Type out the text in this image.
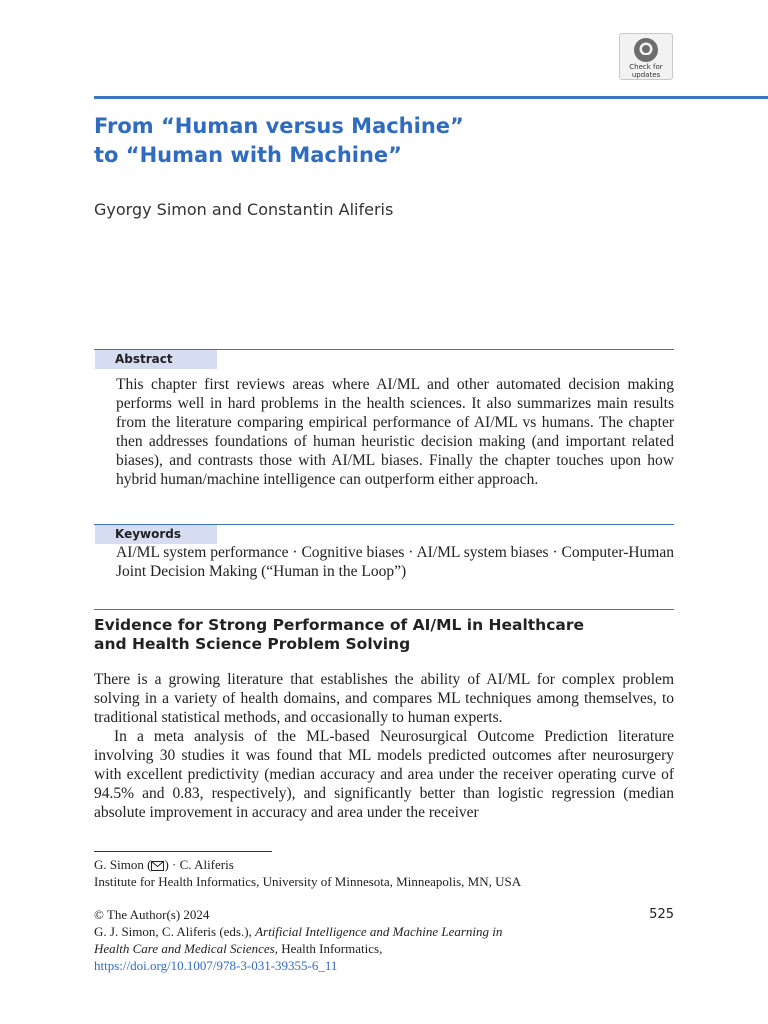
Check for
updates
From “Human versus Machine”
to “Human with Machine”
Gyorgy Simon and Constantin Aliferis
Abstract
This chapter first reviews areas where AI/ML and other automated decision making performs well in hard problems in the health sciences. It also summarizes main results from the literature comparing empirical performance of AI/ML vs humans. The chapter then addresses foundations of human heuristic decision making (and important related biases), and contrasts those with AI/ML biases. Finally the chapter touches upon how hybrid human/machine intelligence can outperform either approach.
Keywords
AI/ML system performance · Cognitive biases · AI/ML system biases · Computer-Human Joint Decision Making (“Human in the Loop”)
Evidence for Strong Performance of AI/ML in Healthcare
and Health Science Problem Solving

There is a growing literature that establishes the ability of AI/ML for complex problem solving in a variety of health domains, and compares ML techniques among themselves, to traditional statistical methods, and occasionally to human experts.

In a meta analysis of the ML-based Neurosurgical Outcome Prediction literature involving 30 studies it was found that ML models predicted outcomes after neurosurgery with excellent predictivity (median accuracy and area under the receiver operating curve of 94.5% and 0.83, respectively), and significantly better than logistic regression (median absolute improvement in accuracy and area under the receiver

G. Simon ( ) · C. Aliferis
Institute for Health Informatics, University of Minnesota, Minneapolis, MN, USA
© The Author(s) 2024
G. J. Simon, C. Aliferis (eds.), Artificial Intelligence and Machine Learning in
Health Care and Medical Sciences, Health Informatics,
https://doi.org/10.1007/978-3-031-39355-6_11
525
